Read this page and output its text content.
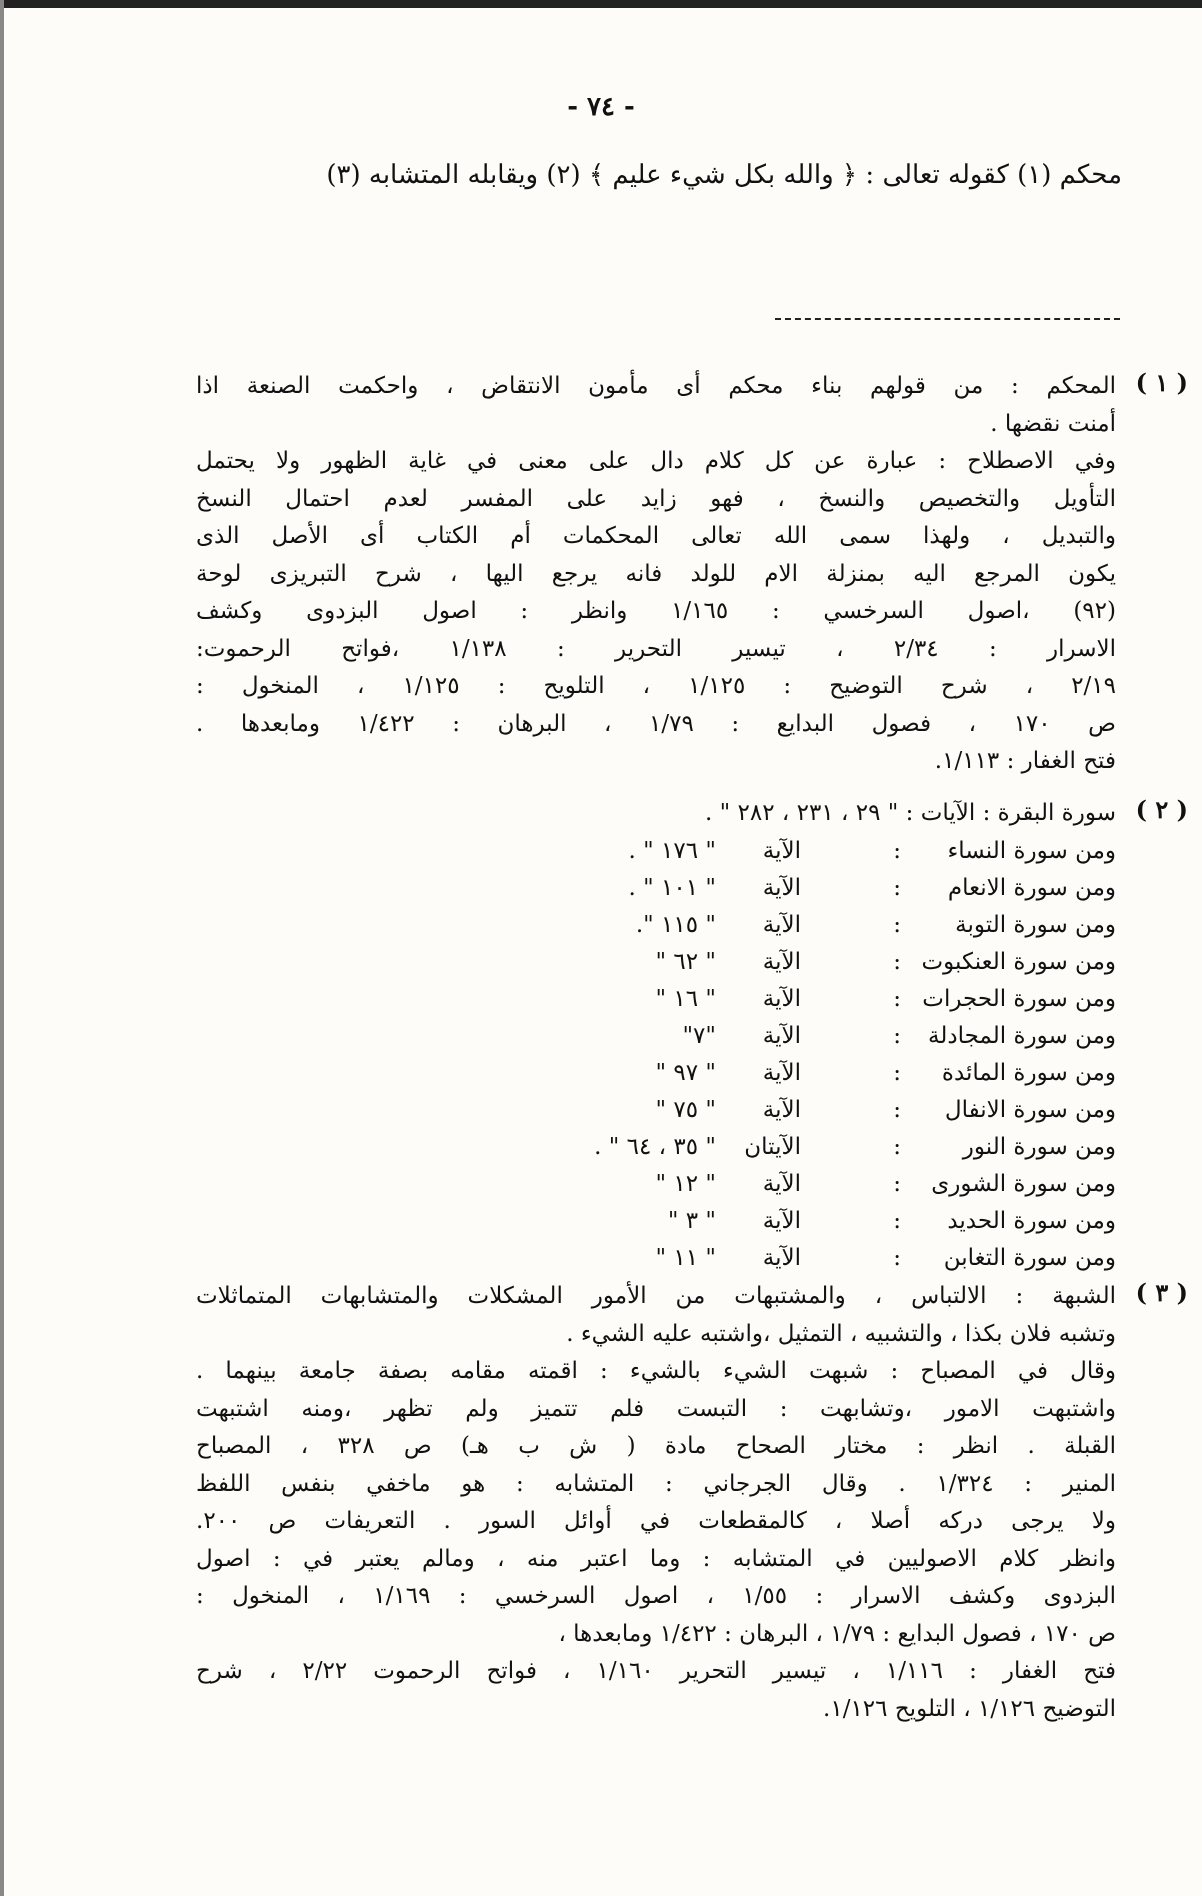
- ٧٤ -
محكم (١) كقوله تعالى : ﴿ والله بكل شيء عليم ﴾ (٢) ويقابله المتشابه (٣)
( ١ )
المحكم : من قولهم بناء محكم أى مأمون الانتقاض ، واحكمت الصنعة اذا
أمنت نقضها .
وفي الاصطلاح : عبارة عن كل كلام دال على معنى في غاية الظهور ولا يحتمل
التأويل والتخصيص والنسخ ، فهو زايد على المفسر لعدم احتمال النسخ
والتبديل ، ولهذا سمى الله تعالى المحكمات أم الكتاب أى الأصل الذى
يكون المرجع اليه بمنزلة الام للولد فانه يرجع اليها ، شرح التبريزى لوحة
(٩٢) ،اصول السرخسي : ١/١٦٥ وانظر : اصول البزدوى وكشف
الاسرار : ٢/٣٤ ، تيسير التحرير : ١/١٣٨ ،فواتح الرحموت:
٢/١٩ ، شرح التوضيح : ١/١٢٥ ، التلويح : ١/١٢٥ ، المنخول :
ص ١٧٠ ، فصول البدايع : ١/٧٩ ، البرهان : ١/٤٢٢ ومابعدها .
فتح الغفار : ١/١١٣.
( ٢ )
سورة البقرة : الآيات : " ٢٩ ، ٢٣١ ، ٢٨٢ " .
ومن سورة النساء
:
الآية
" ١٧٦ " .
ومن سورة الانعام
:
الآية
" ١٠١ " .
ومن سورة التوبة
:
الآية
" ١١٥ ".
ومن سورة العنكبوت
:
الآية
" ٦٢ "
ومن سورة الحجرات
:
الآية
" ١٦ "
ومن سورة المجادلة
:
الآية
"٧"
ومن سورة المائدة
:
الآية
" ٩٧ "
ومن سورة الانفال
:
الآية
" ٧٥ "
ومن سورة النور
:
الآيتان
" ٣٥ ، ٦٤ " .
ومن سورة الشورى
:
الآية
" ١٢ "
ومن سورة الحديد
:
الآية
" ٣ "
ومن سورة التغابن
:
الآية
" ١١ "
( ٣ )
الشبهة : الالتباس ، والمشتبهات من الأمور المشكلات والمتشابهات المتماثلات
وتشبه فلان بكذا ، والتشبيه ، التمثيل ،واشتبه عليه الشيء .
وقال في المصباح : شبهت الشيء بالشيء : اقمته مقامه بصفة جامعة بينهما .
واشتبهت الامور ،وتشابهت : التبست فلم تتميز ولم تظهر ،ومنه اشتبهت
القبلة . انظر : مختار الصحاح مادة ( ش ب هـ) ص ٣٢٨ ، المصباح
المنير : ١/٣٢٤ . وقال الجرجاني : المتشابه : هو ماخفي بنفس اللفظ
ولا يرجى دركه أصلا ، كالمقطعات في أوائل السور . التعريفات ص ٢٠٠.
وانظر كلام الاصوليين في المتشابه : وما اعتبر منه ، ومالم يعتبر في : اصول
البزدوى وكشف الاسرار : ١/٥٥ ، اصول السرخسي : ١/١٦٩ ، المنخول :
ص ١٧٠ ، فصول البدايع : ١/٧٩ ، البرهان : ١/٤٢٢ ومابعدها ،
فتح الغفار : ١/١١٦ ، تيسير التحرير ١/١٦٠ ، فواتح الرحموت ٢/٢٢ ، شرح
التوضيح ١/١٢٦ ، التلويح ١/١٢٦.
